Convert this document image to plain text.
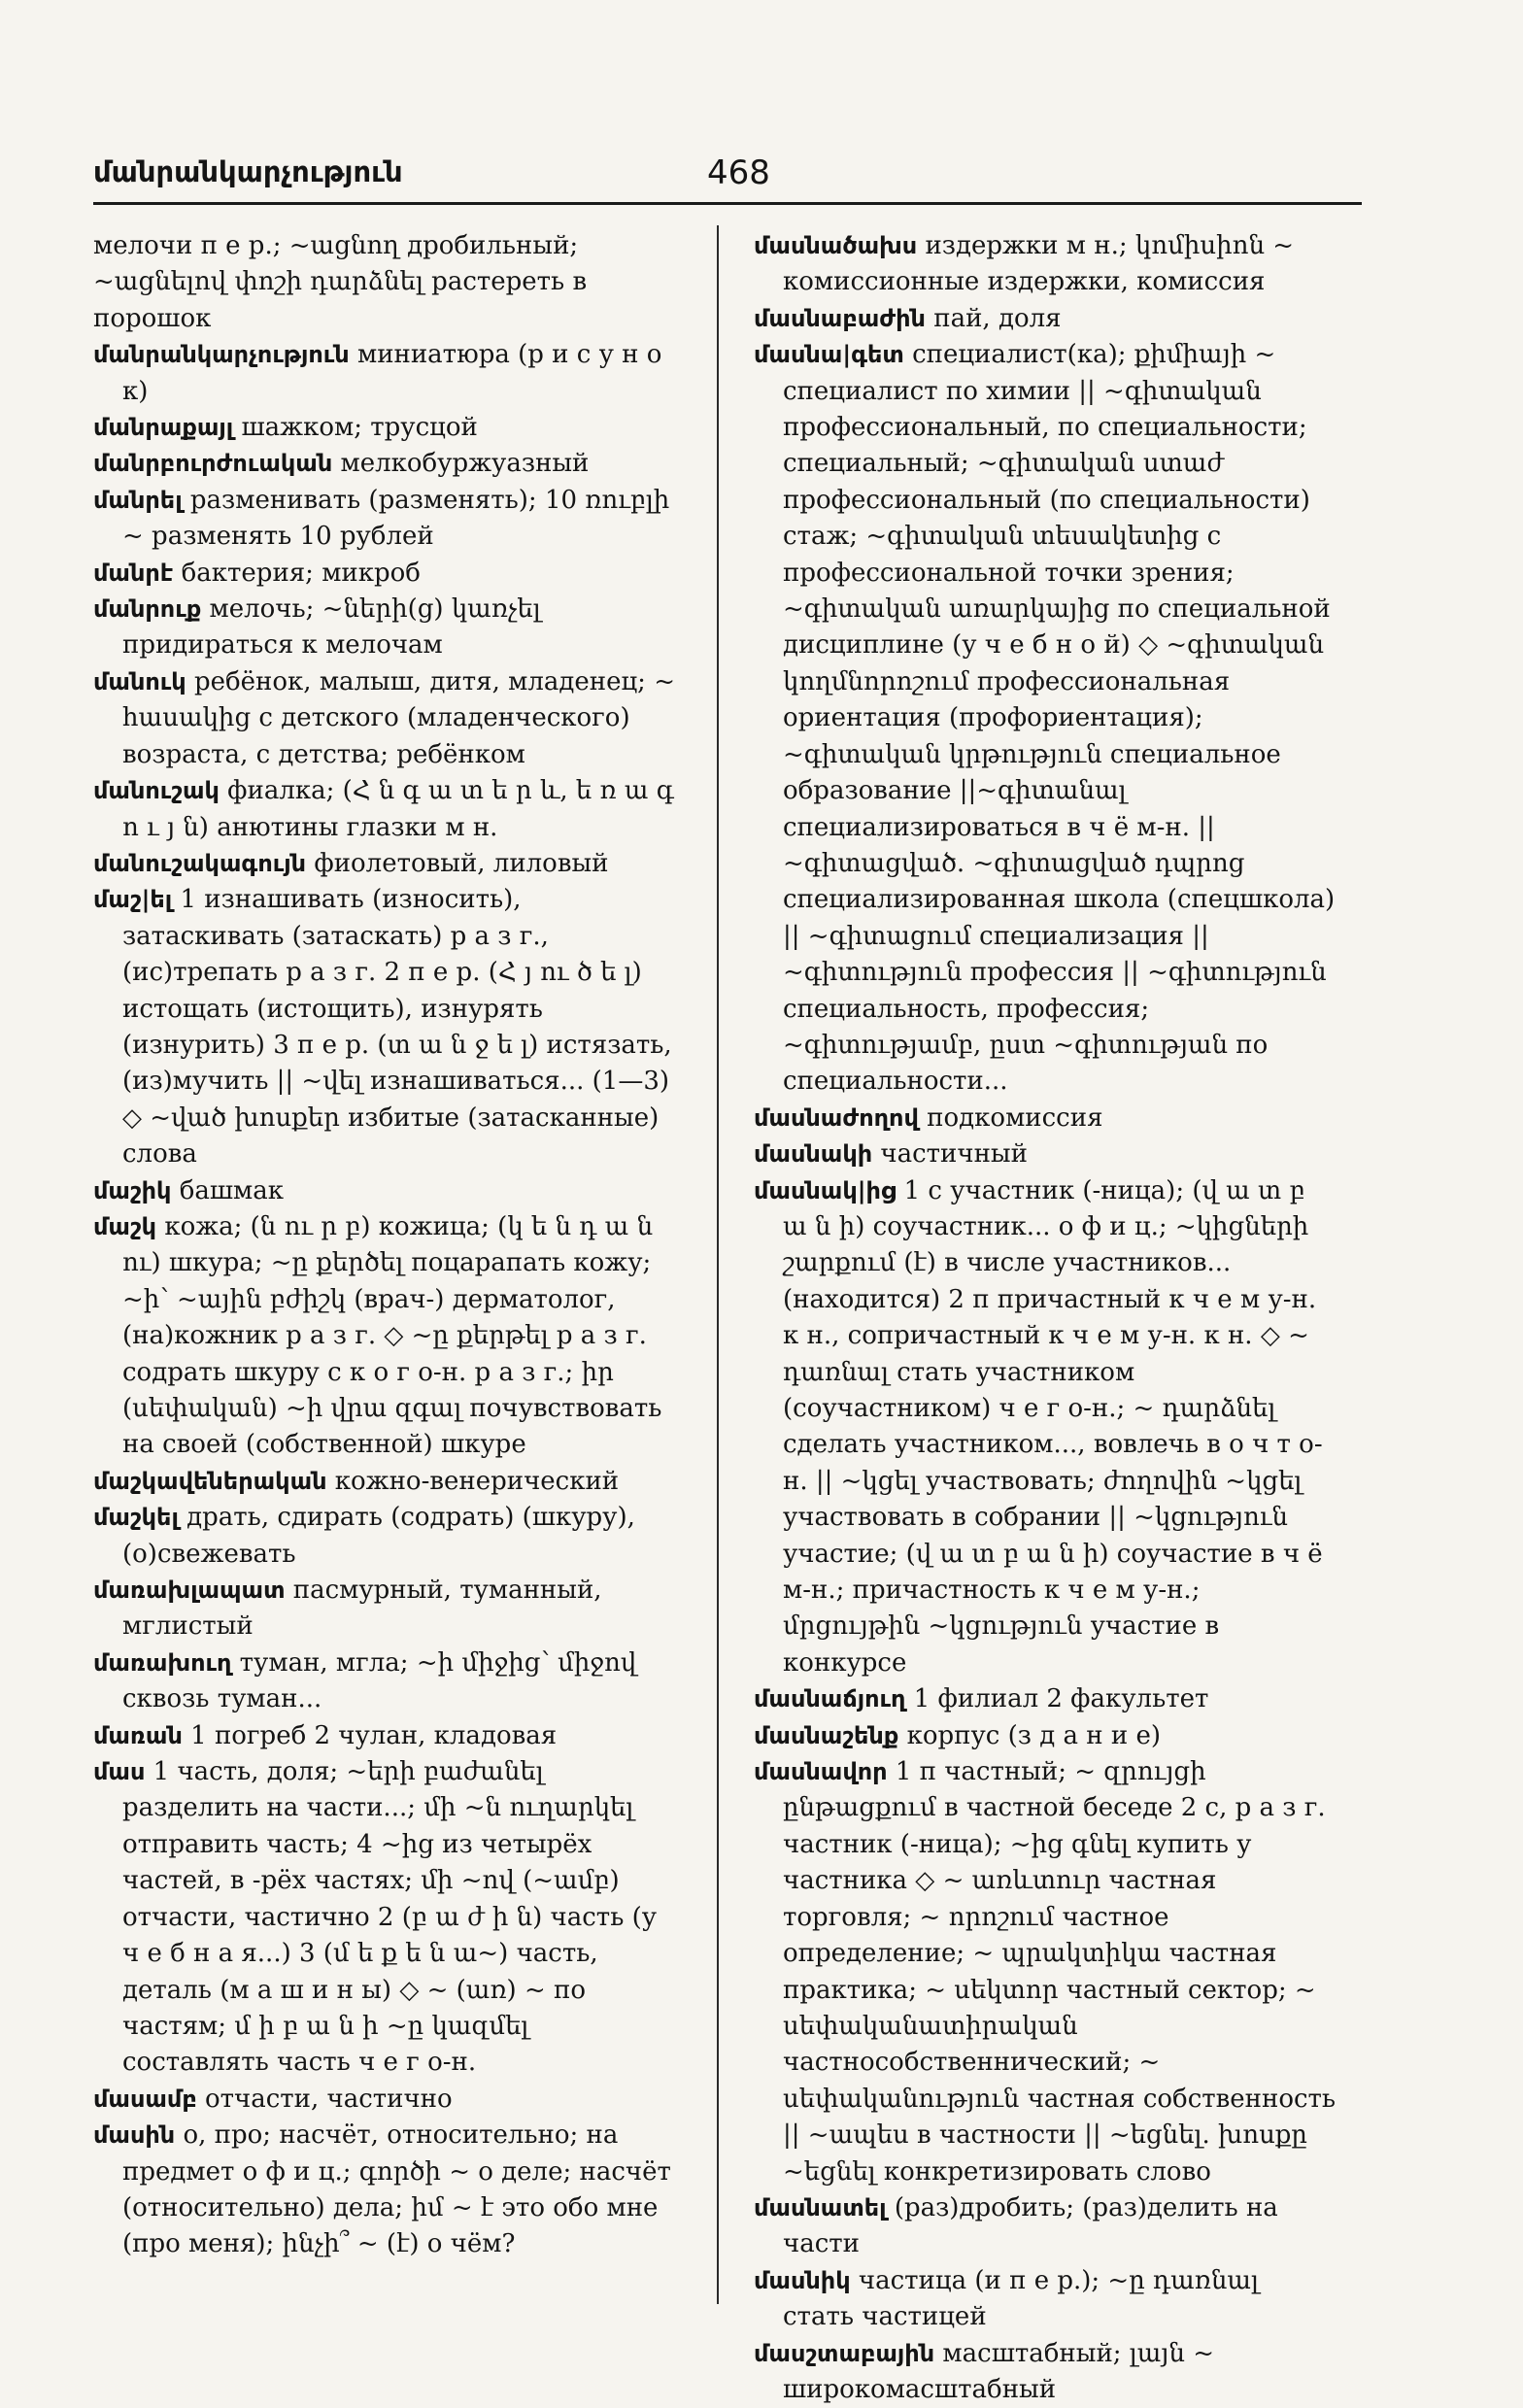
մանրանկարչություն	468

мелочи п е р.; ~ացնող дробильный; ~ացնելով փոշի դարձնել растереть в порошок

մանրանկարչություն миниатюра (р и с у н о к)

մանրաքայլ шажком; трусцой

մանրբուրժուական мелкобуржуазный

մանրել разменивать (разменять); 10 ռուբլի ~ разменять 10 рублей

մանրէ бактерия; микроб

մանրուք мелочь; ~ների(ց) կառչել придираться к мелочам

մանուկ ребёнок, малыш, дитя, младенец; ~ հասակից с детского (младенческого) возраста, с детства; ребёнком

մանուշակ фиалка; (Հ ն գ ա տ ե ր և, ե ռ ա գ ո ւ յ ն) анютины глазки м н.

մանուշակագույն фиолетовый, лиловый

մաշ|ել 1 изнашивать (износить), затаскивать (затаскать) р а з г., (ис)трепать р а з г. 2 п е р. (Հ յ ու ծ ե լ) истощать (истощить), изнурять (изнурить) 3 п е р. (տ ա ն ջ ե լ) истязать, (из)мучить || ~վել изнашиваться... (1—3) ◇ ~ված խոսքեր избитые (затасканные) слова

մաշիկ башмак

մաշկ кожа; (ն ու ր բ) кожица; (կ ե ն դ ա ն ու) шкура; ~ը քերծել поцарапать кожу; ~ի՝ ~ային բժիշկ (врач-) дерматолог, (на)кожник р а з г. ◇ ~ը քերթել р а з г. содрать шкуру с к о г о-н. р а з г.; իր (սեփական) ~ի վրա զգալ почувствовать на своей (собственной) шкуре

մաշկավեներական кожно-венерический

մաշկել драть, сдирать (содрать) (шкуру), (о)свежевать

մառախլապատ пасмурный, туманный, мглистый

մառախուղ туман, мгла; ~ի միջից՝ միջով сквозь туман...

մառան 1 погреб 2 чулан, кладовая

մաս 1 часть, доля; ~երի բաժանել разделить на части...; մի ~ն ուղարկել отправить часть; 4 ~ից из четырёх частей, в -рёх частях; մի ~ով (~ամբ) отчасти, частично 2 (բ ա ժ ի ն) часть (у ч е б н а я...) 3 (մ ե ք ե ն ա~) часть, деталь (м а ш и н ы) ◇ ~ (առ) ~ по частям; մ ի բ ա ն ի ~ը կազմել составлять часть ч е г о-н.

մասամբ отчасти, частично

մասին о, про; насчёт, относительно; на предмет о ф и ц.; գործի ~ о деле; насчёт (относительно) дела; իմ ~ է это обо мне (про меня); ինչի՞ ~ (է) о чём?

մասնածախս издержки м н.; կոմիսիոն ~ комиссионные издержки, комиссия

մասնաբաժին пай, доля

մասնա|գետ специалист(ка); քիմիայի ~ специалист по химии || ~գիտական профессиональный, по специальности; специальный; ~գիտական ստաժ профессиональный (по специальности) стаж; ~գիտական տեսակետից с профессиональной точки зрения; ~գիտական առարկայից по специальной дисциплине (у ч е б н о й) ◇ ~գիտական կողմնորոշում профессиональная ориентация (профориентация); ~գիտական կրթություն специальное образование ||~գիտանալ специализироваться в ч ё м-н. || ~գիտացված. ~գիտացված դպրոց специализированная школа (спецшкола) || ~գիտացում специализация || ~գիտություն профессия || ~գիտություն специальность, профессия; ~գիտությամբ, ըստ ~գիտության по специальности...

մասնաժողով подкомиссия

մասնակի частичный

մասնակ|ից 1 с участник (-ница); (վ ա տ բ ա ն ի) соучастник... о ф и ц.; ~կիցների շարքում (է) в числе участников... (находится) 2 п причастный к ч е м у-н. к н., сопричастный к ч е м у-н. к н. ◇ ~ դառնալ стать участником (соучастником) ч е г о-н.; ~ դարձնել сделать участником..., вовлечь в о ч т о-н. || ~կցել участвовать; ժողովին ~կցել участвовать в собрании || ~կցություն участие; (վ ա տ բ ա ն ի) соучастие в ч ё м-н.; причастность к ч е м у-н.; մրցույթին ~կցություն участие в конкурсе

մասնաճյուղ 1 филиал 2 факультет

մասնաշենք корпус (з д а н и е)

մասնավոր 1 п частный; ~ զրույցի ընթացքում в частной беседе 2 с, р а з г. частник (-ница); ~ից գնել купить у частника ◇ ~ առևտուր частная торговля; ~ որոշում частное определение; ~ պրակտիկա частная практика; ~ սեկտոր частный сектор; ~ սեփականատիրական частнособственнический; ~ սեփականություն частная собственность || ~ապես в частности || ~եցնել. խոսքը ~եցնել конкретизировать слово

մասնատել (раз)дробить; (раз)делить на части

մասնիկ частица (и п е р.); ~ը դառնալ стать частицей

մասշտաբային масштабный; լայն ~ широкомасштабный
